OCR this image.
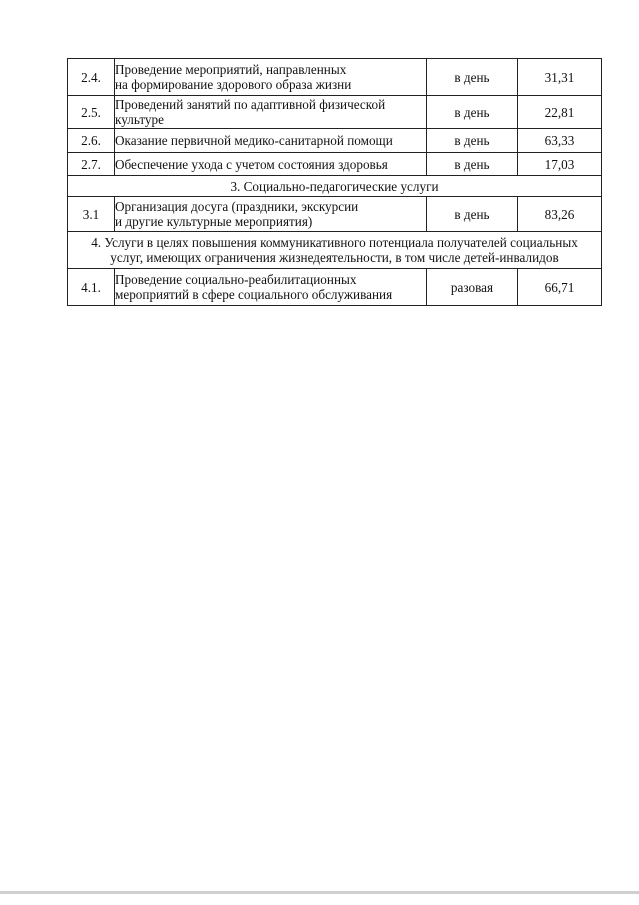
2.4.	Проведение мероприятий, направленных
на формирование здорового образа жизни	в день	31,31
2.5.	Проведений занятий по адаптивной физической
культуре	в день	22,81
2.6.	Оказание первичной медико-санитарной помощи	в день	63,33
2.7.	Обеспечение ухода с учетом состояния здоровья	в день	17,03
3. Социально-педагогические услуги			
3.1	Организация досуга (праздники, экскурсии
и другие культурные мероприятия)	в день	83,26

4. Услуги в целях повышения коммуникативного потенциала получателей социальных
услуг, имеющих ограничения жизнедеятельности, в том числе детей-инвалидов			

4.1.	Проведение социально-реабилитационных
мероприятий в сфере социального обслуживания	разовая	66,71
